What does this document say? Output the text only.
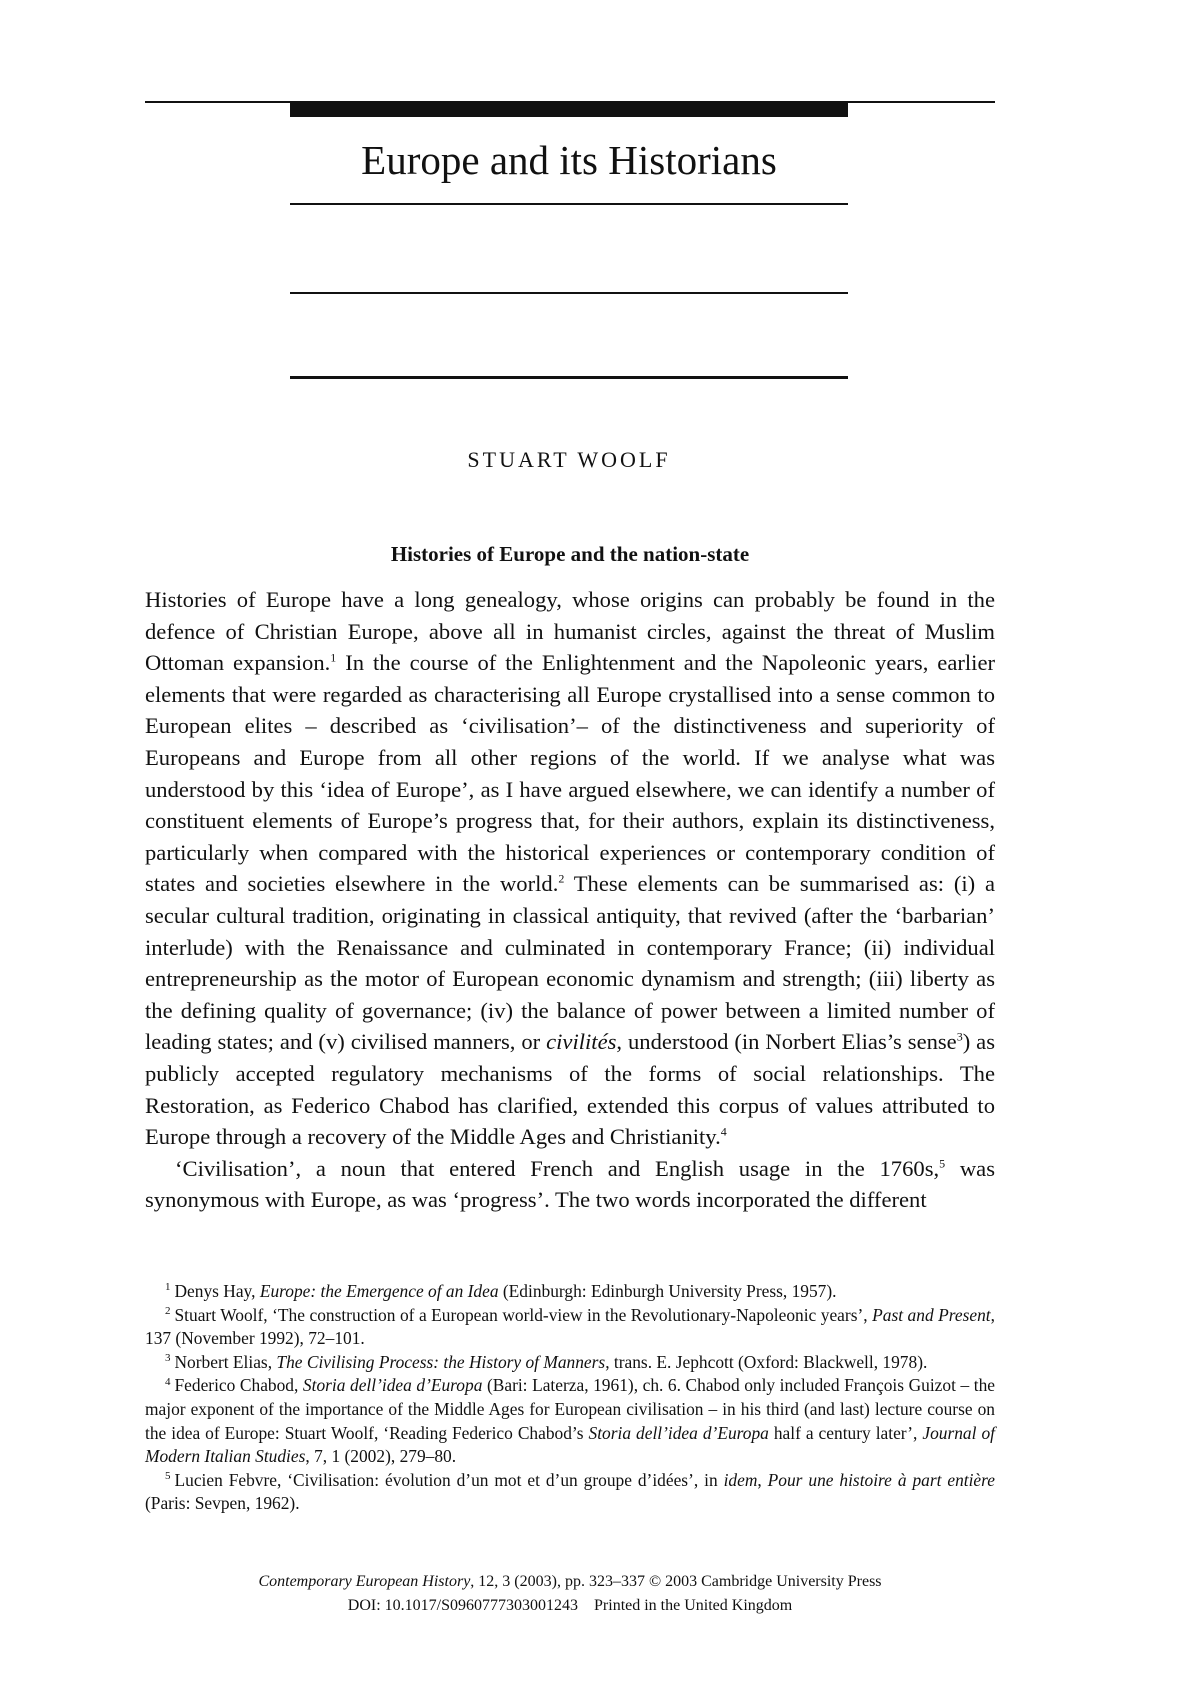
Europe and its Historians
STUART WOOLF
Histories of Europe and the nation-state

Histories of Europe have a long genealogy, whose origins can probably be found in the defence of Christian Europe, above all in humanist circles, against the threat of Muslim Ottoman expansion.$^1$ In the course of the Enlightenment and the Napoleonic years, earlier elements that were regarded as characterising all Europe crystallised into a sense common to European elites – described as ‘civilisation’– of the distinctiveness and superiority of Europeans and Europe from all other regions of the world. If we analyse what was understood by this ‘idea of Europe’, as I have argued elsewhere, we can identify a number of constituent elements of Europe’s progress that, for their authors, explain its distinctiveness, particularly when compared with the historical experiences or contemporary condition of states and societies elsewhere in the world.$^2$ These elements can be summarised as: (i) a secular cultural tradition, originating in classical antiquity, that revived (after the ‘barbarian’ interlude) with the Renaissance and culminated in contemporary France; (ii) individual entrepreneurship as the motor of European economic dynamism and strength; (iii) liberty as the defining quality of governance; (iv) the balance of power between a limited number of leading states; and (v) civilised manners, or civilités, understood (in Norbert Elias’s sense$^3$) as publicly accepted regulatory mechanisms of the forms of social relationships. The Restoration, as Federico Chabod has clarified, extended this corpus of values attributed to Europe through a recovery of the Middle Ages and Christianity.$^4$

‘Civilisation’, a noun that entered French and English usage in the 1760s,$^5$ was synonymous with Europe, as was ‘progress’. The two words incorporated the different

$^1$ Denys Hay, Europe: the Emergence of an Idea (Edinburgh: Edinburgh University Press, 1957).

$^2$ Stuart Woolf, ‘The construction of a European world-view in the Revolutionary-Napoleonic years’, Past and Present, 137 (November 1992), 72–101.

$^3$ Norbert Elias, The Civilising Process: the History of Manners, trans. E. Jephcott (Oxford: Blackwell, 1978).

$^4$ Federico Chabod, Storia dell’idea d’Europa (Bari: Laterza, 1961), ch. 6. Chabod only included François Guizot – the major exponent of the importance of the Middle Ages for European civilisation – in his third (and last) lecture course on the idea of Europe: Stuart Woolf, ‘Reading Federico Chabod’s Storia dell’idea d’Europa half a century later’, Journal of Modern Italian Studies, 7, 1 (2002), 279–80.

$^5$ Lucien Febvre, ‘Civilisation: évolution d’un mot et d’un groupe d’idées’, in idem, Pour une histoire à part entière (Paris: Sevpen, 1962).

Contemporary European History, 12, 3 (2003), pp. 323–337 © 2003 Cambridge University Press
DOI: 10.1017/S0960777303001243 Printed in the United Kingdom
